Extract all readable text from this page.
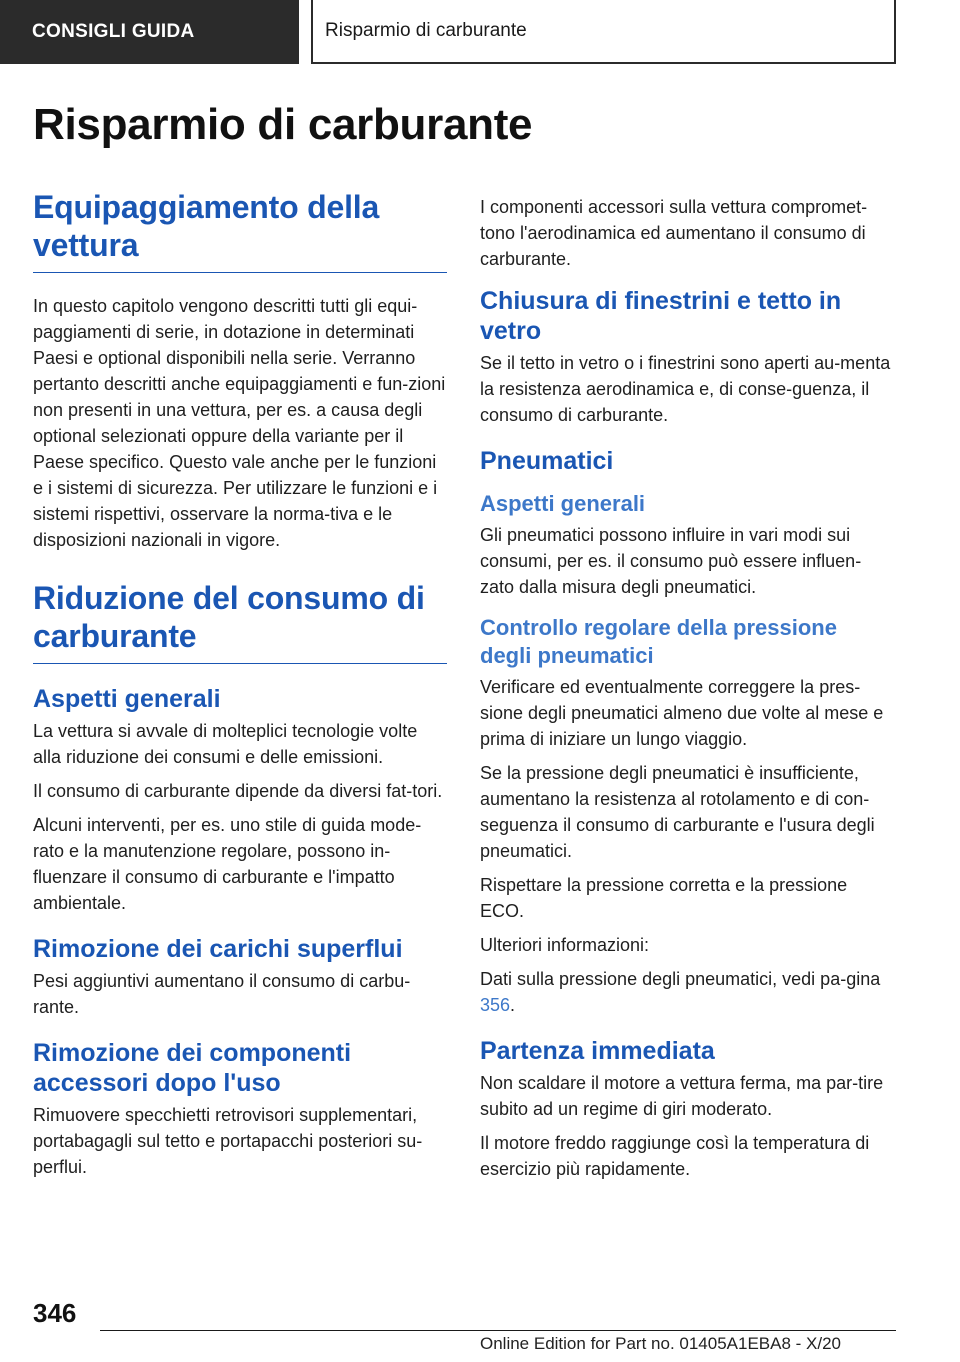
CONSIGLI GUIDA	Risparmio di carburante
Risparmio di carburante
Equipaggiamento della vettura

In questo capitolo vengono descritti tutti gli equi-paggiamenti di serie, in dotazione in determinati Paesi e optional disponibili nella serie. Verranno pertanto descritti anche equipaggiamenti e fun-zioni non presenti in una vettura, per es. a causa degli optional selezionati oppure della variante per il Paese specifico. Questo vale anche per le funzioni e i sistemi di sicurezza. Per utilizzare le funzioni e i sistemi rispettivi, osservare la norma-tiva e le disposizioni nazionali in vigore.

Riduzione del consumo di carburante
Aspetti generali

La vettura si avvale di molteplici tecnologie volte alla riduzione dei consumi e delle emissioni.

Il consumo di carburante dipende da diversi fat-tori.

Alcuni interventi, per es. uno stile di guida mode-rato e la manutenzione regolare, possono in-fluenzare il consumo di carburante e l'impatto ambientale.

Rimozione dei carichi superflui

Pesi aggiuntivi aumentano il consumo di carbu-rante.

Rimozione dei componenti accessori dopo l'uso

Rimuovere specchietti retrovisori supplementari, portabagagli sul tetto e portapacchi posteriori su-perflui.

I componenti accessori sulla vettura compromet-tono l'aerodinamica ed aumentano il consumo di carburante.

Chiusura di finestrini e tetto in vetro

Se il tetto in vetro o i finestrini sono aperti au-menta la resistenza aerodinamica e, di conse-guenza, il consumo di carburante.

Pneumatici
Aspetti generali

Gli pneumatici possono influire in vari modi sui consumi, per es. il consumo può essere influen-zato dalla misura degli pneumatici.

Controllo regolare della pressione degli pneumatici

Verificare ed eventualmente correggere la pres-sione degli pneumatici almeno due volte al mese e prima di iniziare un lungo viaggio.

Se la pressione degli pneumatici è insufficiente, aumentano la resistenza al rotolamento e di con-seguenza il consumo di carburante e l'usura degli pneumatici.

Rispettare la pressione corretta e la pressione ECO.

Ulteriori informazioni:

Dati sulla pressione degli pneumatici, vedi pa-gina 356.

Partenza immediata

Non scaldare il motore a vettura ferma, ma par-tire subito ad un regime di giri moderato.

Il motore freddo raggiunge così la temperatura di esercizio più rapidamente.

346
Online Edition for Part no. 01405A1EBA8 - X/20
